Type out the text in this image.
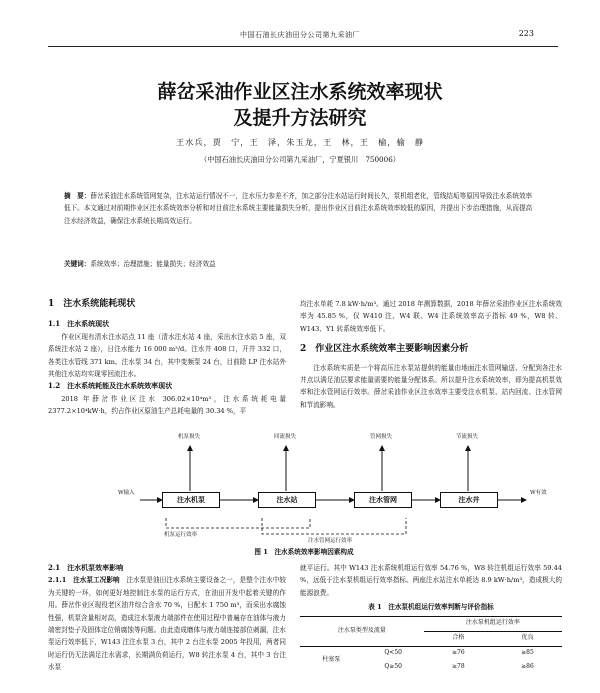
中国石油长庆油田分公司第九采油厂	223
薛岔采油作业区注水系统效率现状
及提升方法研究
王水兵，贾　宁，王　泽，朱玉龙，王　林，王　榆，榆　静
（中国石油长庆油田分公司第九采油厂，宁夏银川　750006）
摘　要：薛岔采油注水系统管网复杂，注水站运行情况不一，注水压力参差不齐，加之部分注水站运行时间长久，泵机组老化，管线结垢等原因导致注水系统效率低下。本文通过对前期作业区注水系统效率分析和对目前注水系统主要能量损失分析，提出作业区目前注水系统效率较低的原因，并提出下步治理措施，从而提高注水经济效益，确保注水系统长期高效运行。
关键词：系统效率；治理措施；能量损失；经济效益
1　注水系统能耗现状
1.1　注水系统现状
作业区现有清水注水站点 11 座（清水注水站 4 座，采出水注水站 5 座，双系统注水站 2 座），日注水能力 16 000 m³/d。注水井 408 口，开井 332 口，各类注水管线 371 km。注水泵 34 台，其中变频泵 24 台，目前除 LP 注水站外其他注水站均实现零回流注水。
1.2　注水系统耗能及注水系统效率现状
2018 年薛岔作业区注水 306.02×10⁴m³，注水系统耗电量 2377.2×10⁴kW·h，约占作业区原油生产总耗电量的 30.34 %，平
均注水单耗 7.8 kW·h/m³。通过 2018 年测算数据，2018 年薛岔采油作业区注水系统效率为 45.85 %，仅 W410 注、W4 联、W4 注系统效率高于指标 49 %，W8 转、W143、Y1 转系统效率低下。
2　作业区注水系统效率主要影响因素分析
注水系统实质是一个将高压注水泵站提供的能量由地面注水管网输送、分配到各注水井点以满足油层要求能量需要的能量分配体系。所以提升注水系统效率，即为提高机泵效率和注水管网运行效率。薛岔采油作业区注水效率主要受注水机泵、站内回流、注水管网和节流影响。
机泵损失	回流损失	管网损失	节流损失
W输入	W有效
注水机泵	注水站	注水管网	注水井
机泵运行效率
注水管网运行效率
图 1　注水系统效率影响因素构成
2.1　注水机泵效率影响
2.1.1　注水泵工况影响　 注水泵是油田注水系统主要设备之一，是整个注水中较为关键的一环，如何更好地控制注水泵的运行方式，在油田开发中起着关键的作用。薛岔作业区现役老区油井综合含水 70 %，日配水 1 750 m³，而采出水腐蚀性强，机泵含量相对高，造成注水泵液力端部件在使用过程中普遍存在油体与液力端密封垫子及固体定位销腐蚀等问题。由此造成磨体与液力端连接部位刺漏，注水泵运行效率低下，W143 注注水泵 3 台，其中 2 台注水泵 2005 年投用，两者同时运行仍无法满足注水需求，长期满负荷运行，W8 转注水泵 4 台，其中 3 台注水泵
就平运行。其中 W143 注水系统机组运行效率 54.76 %，W8 转注机组运行效率 59.44 %，远低于注水泵机组运行效率指标。两座注水站注水单耗达 8.9 kW·h/m³，造成极大的能源浪费。
表 1　注水泵机组运行效率判断与评价指标
注水泵类型及流量		注水泵机组运行效率	
		合格	优良
柱塞泵	Q<50	≥76	≥85
	Q≥50	≥78	≥86
